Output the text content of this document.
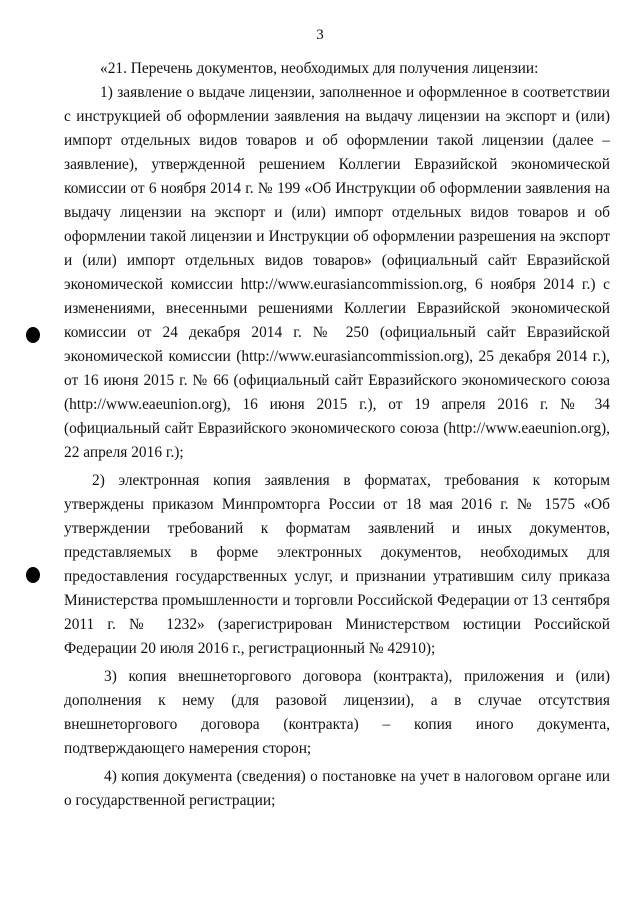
3

«21. Перечень документов, необходимых для получения лицензии:

1) заявление о выдаче лицензии, заполненное и оформленное в соответствии с инструкцией об оформлении заявления на выдачу лицензии на экспорт и (или) импорт отдельных видов товаров и об оформлении такой лицензии (далее – заявление), утвержденной решением Коллегии Евразийской экономической комиссии от 6 ноября 2014 г. № 199 «Об Инструкции об оформлении заявления на выдачу лицензии на экспорт и (или) импорт отдельных видов товаров и об оформлении такой лицензии и Инструкции об оформлении разрешения на экспорт и (или) импорт отдельных видов товаров» (официальный сайт Евразийской экономической комиссии http://www.eurasiancommission.org, 6 ноября 2014 г.) с изменениями, внесенными решениями Коллегии Евразийской экономической комиссии от 24 декабря 2014 г. № 250 (официальный сайт Евразийской экономической комиссии (http://www.eurasiancommission.org), 25 декабря 2014 г.), от 16 июня 2015 г. № 66 (официальный сайт Евразийского экономического союза (http://www.eaeunion.org), 16 июня 2015 г.), от 19 апреля 2016 г. № 34 (официальный сайт Евразийского экономического союза (http://www.eaeunion.org), 22 апреля 2016 г.);

2) электронная копия заявления в форматах, требования к которым утверждены приказом Минпромторга России от 18 мая 2016 г. № 1575 «Об утверждении требований к форматам заявлений и иных документов, представляемых в форме электронных документов, необходимых для предоставления государственных услуг, и признании утратившим силу приказа Министерства промышленности и торговли Российской Федерации от 13 сентября 2011 г. № 1232» (зарегистрирован Министерством юстиции Российской Федерации 20 июля 2016 г., регистрационный № 42910);

3) копия внешнеторгового договора (контракта), приложения и (или) дополнения к нему (для разовой лицензии), а в случае отсутствия внешнеторгового договора (контракта) – копия иного документа, подтверждающего намерения сторон;

4) копия документа (сведения) о постановке на учет в налоговом органе или о государственной регистрации;
